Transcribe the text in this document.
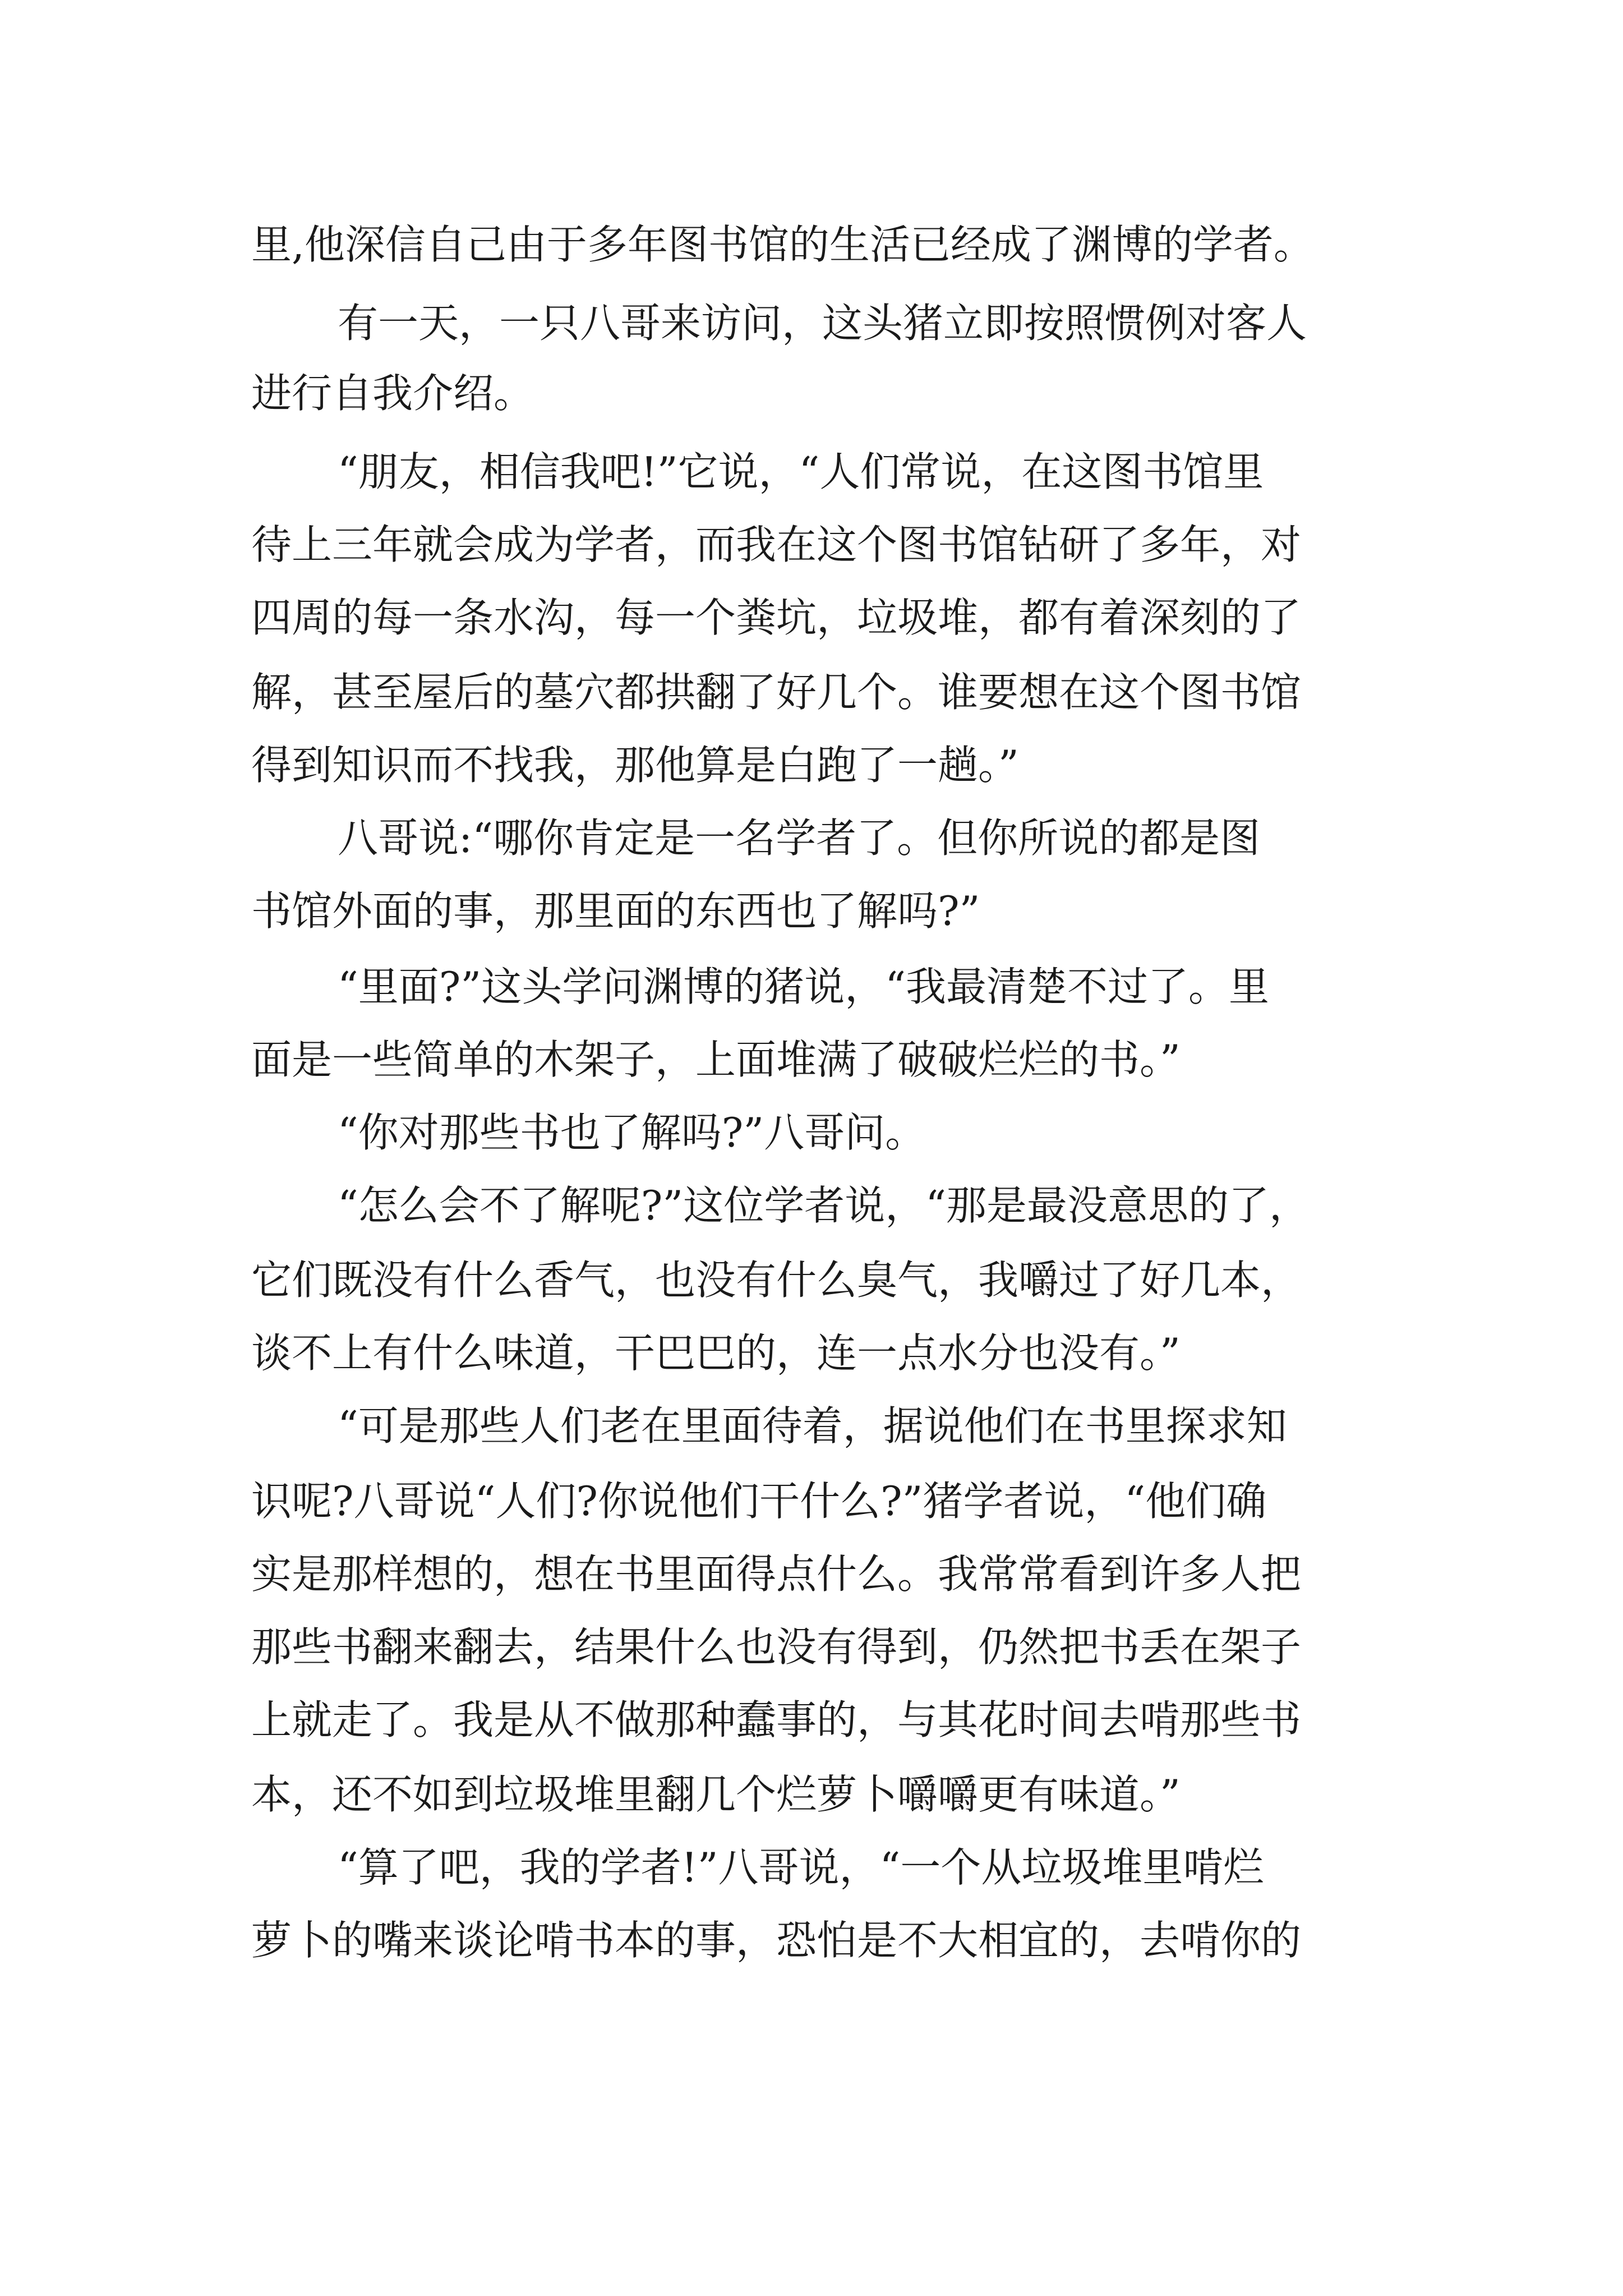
里,他深信自己由于多年图书馆的生活已经成了渊博的学者。
有一天，一只八哥来访问，这头猪立即按照惯例对客人
进行自我介绍。
“朋友，相信我吧!”它说，“人们常说，在这图书馆里
待上三年就会成为学者，而我在这个图书馆钻研了多年，对
四周的每一条水沟，每一个粪坑，垃圾堆，都有着深刻的了
解，甚至屋后的墓穴都拱翻了好几个。谁要想在这个图书馆
得到知识而不找我，那他算是白跑了一趟。”
八哥说:“哪你肯定是一名学者了。但你所说的都是图
书馆外面的事，那里面的东西也了解吗?”
“里面?”这头学问渊博的猪说，“我最清楚不过了。里
面是一些简单的木架子，上面堆满了破破烂烂的书。”
“你对那些书也了解吗?”八哥问。
“怎么会不了解呢?”这位学者说，“那是最没意思的了，
它们既没有什么香气，也没有什么臭气，我嚼过了好几本，
谈不上有什么味道，干巴巴的，连一点水分也没有。”
“可是那些人们老在里面待着，据说他们在书里探求知
识呢?八哥说“人们?你说他们干什么?”猪学者说，“他们确
实是那样想的，想在书里面得点什么。我常常看到许多人把
那些书翻来翻去，结果什么也没有得到，仍然把书丢在架子
上就走了。我是从不做那种蠢事的，与其花时间去啃那些书
本，还不如到垃圾堆里翻几个烂萝卜嚼嚼更有味道。”
“算了吧，我的学者!”八哥说，“一个从垃圾堆里啃烂
萝卜的嘴来谈论啃书本的事，恐怕是不大相宜的，去啃你的
